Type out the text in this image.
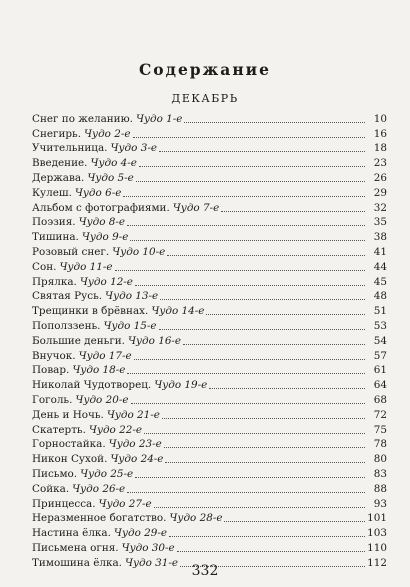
Содержание
ДЕКАБРЬ
Снег по желанию. Чудо 1-е	10
Снегирь. Чудо 2-е	16
Учительница. Чудо 3-е	18
Введение. Чудо 4-е	23
Держава. Чудо 5-е	26
Кулеш. Чудо 6-е	29
Альбом с фотографиями. Чудо 7-е	32
Поэзия. Чудо 8-е	35
Тишина. Чудо 9-е	38
Розовый снег. Чудо 10-е	41
Сон. Чудо 11-е	44
Прялка. Чудо 12-е	45
Святая Русь. Чудо 13-е	48
Трещинки в брёвнах. Чудо 14-е	51
Пополззень. Чудо 15-е	53
Большие деньги. Чудо 16-е	54
Внучок. Чудо 17-е	57
Повар. Чудо 18-е	61
Николай Чудотворец. Чудо 19-е	64
Гоголь. Чудо 20-е	68
День и Ночь. Чудо 21-е	72
Скатерть. Чудо 22-е	75
Горностайка. Чудо 23-е	78
Никон Сухой. Чудо 24-е	80
Письмо. Чудо 25-е	83
Сойка. Чудо 26-е	88
Принцесса. Чудо 27-е	93
Неразменное богатство. Чудо 28-е	101
Настина ёлка. Чудо 29-е	103
Письмена огня. Чудо 30-е	110
Тимошина ёлка. Чудо 31-е	112
332
